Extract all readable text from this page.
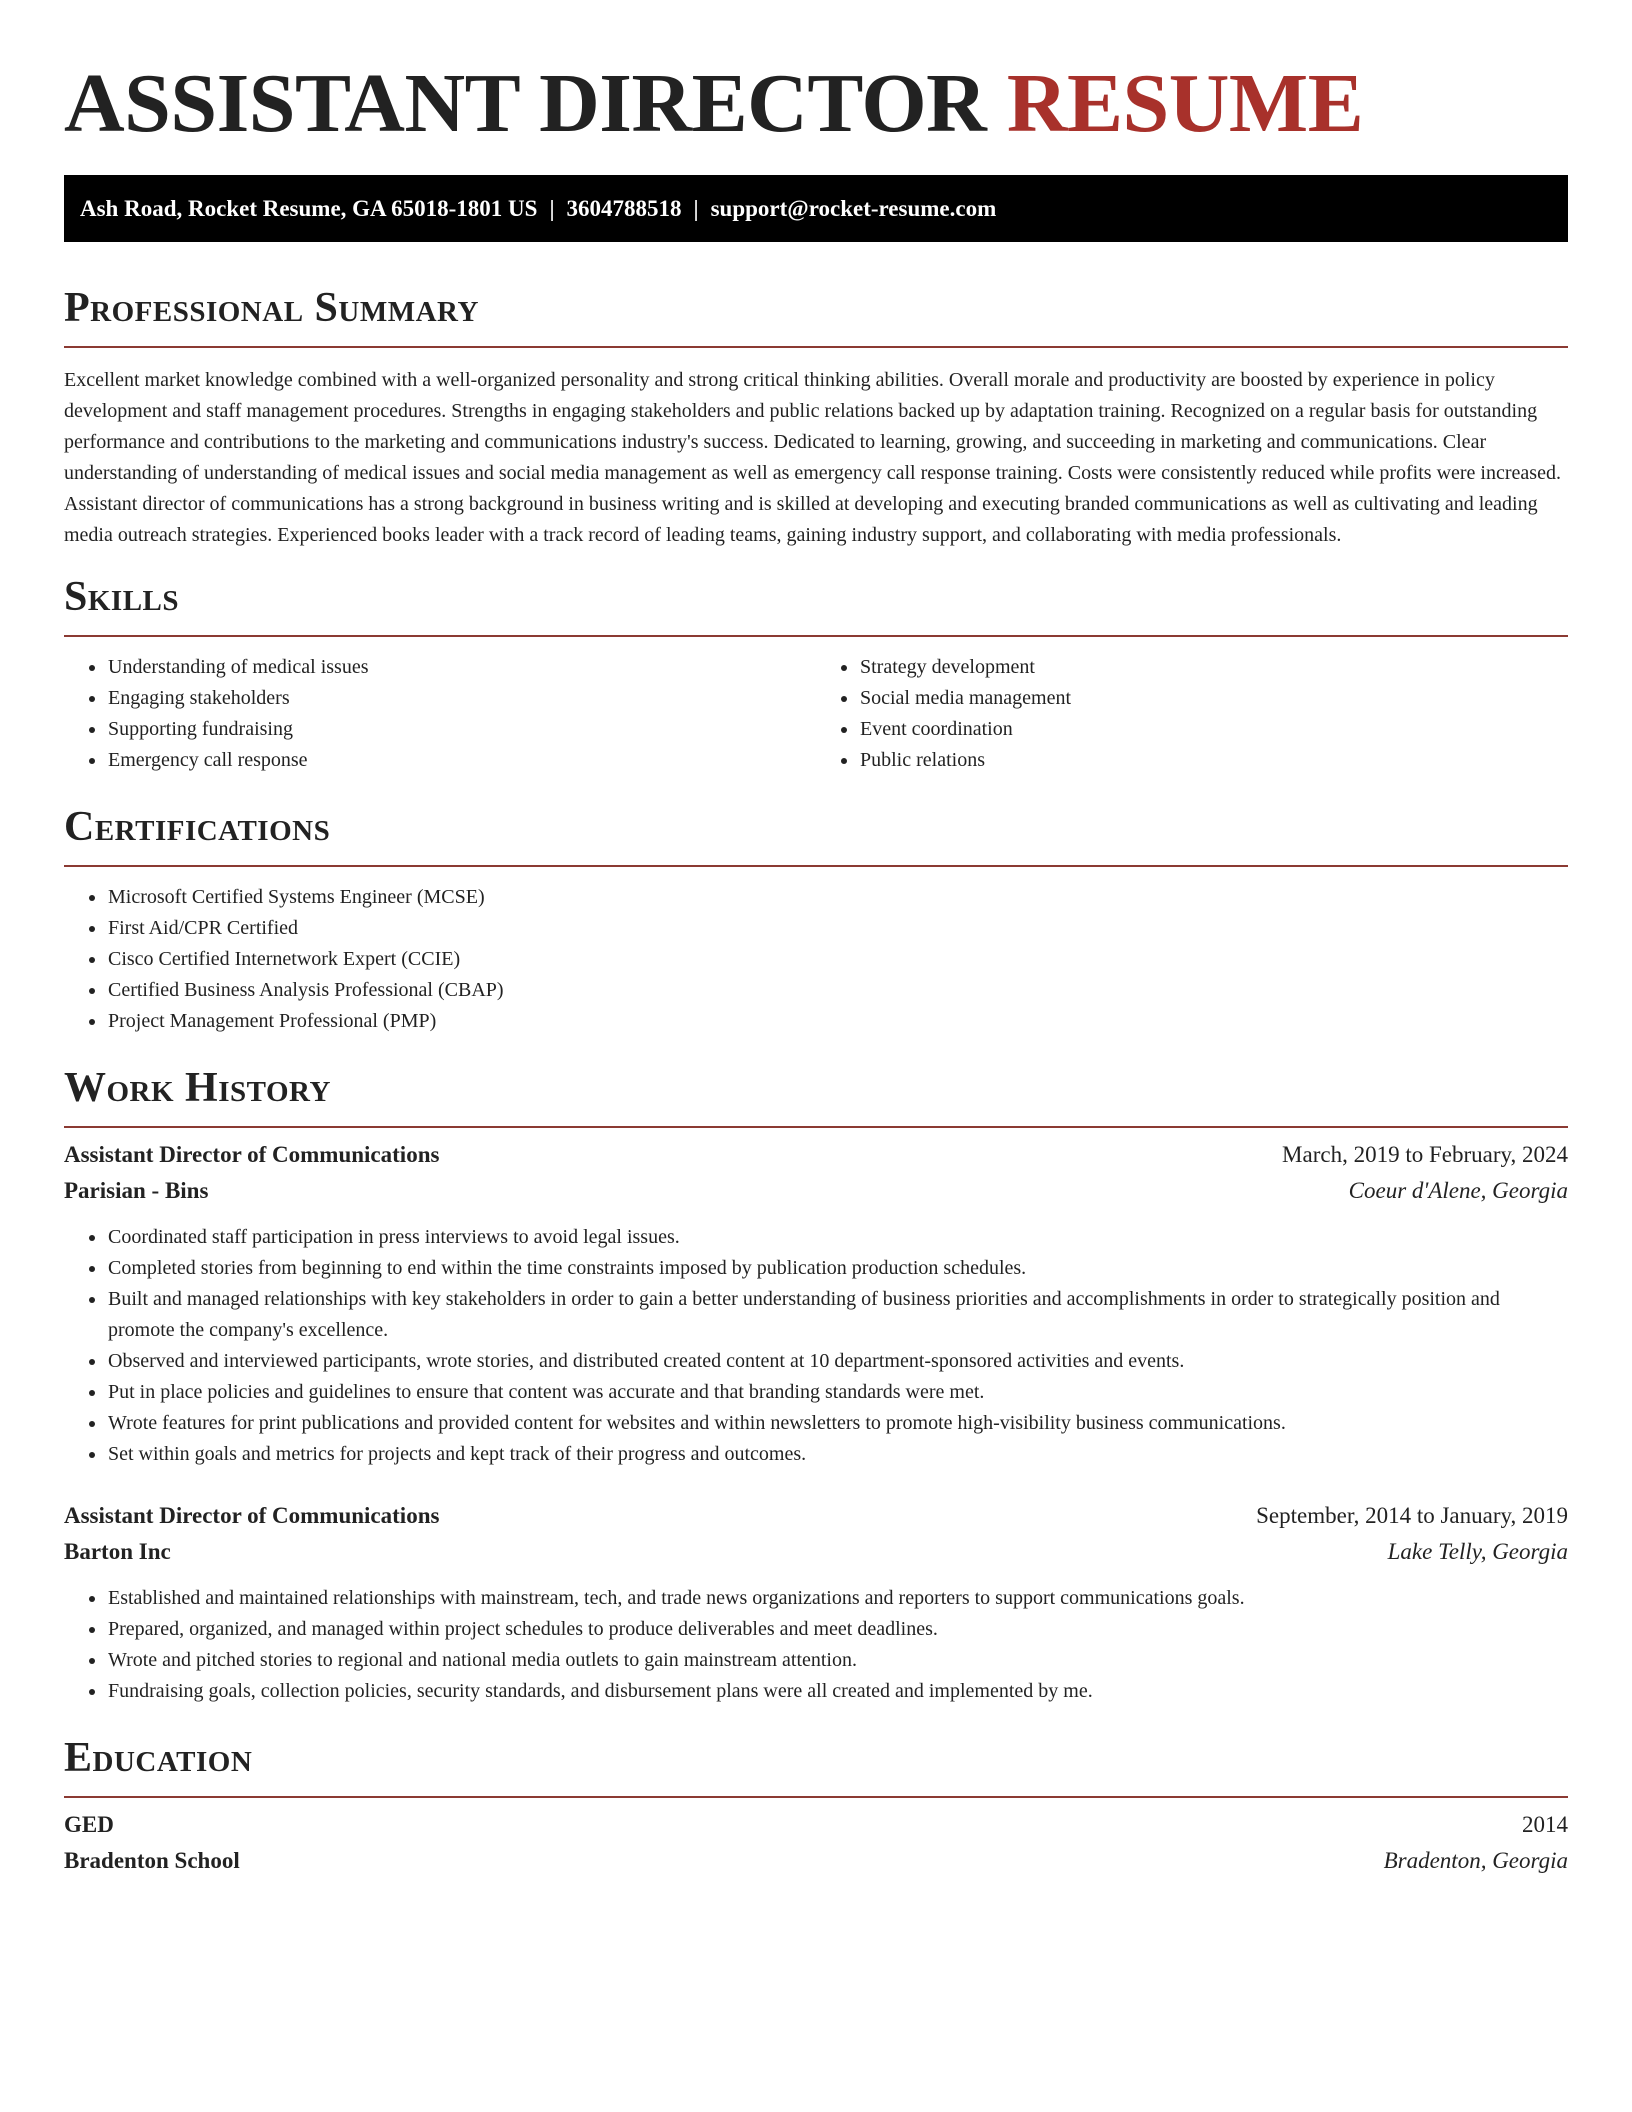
ASSISTANT DIRECTOR RESUME
Ash Road, Rocket Resume, GA 65018-1801 US | 3604788518 | support@rocket-resume.com
Professional Summary

Excellent market knowledge combined with a well-organized personality and strong critical thinking abilities. Overall morale and productivity are boosted by experience in policy development and staff management procedures. Strengths in engaging stakeholders and public relations backed up by adaptation training. Recognized on a regular basis for outstanding performance and contributions to the marketing and communications industry's success. Dedicated to learning, growing, and succeeding in marketing and communications. Clear understanding of understanding of medical issues and social media management as well as emergency call response training. Costs were consistently reduced while profits were increased. Assistant director of communications has a strong background in business writing and is skilled at developing and executing branded communications as well as cultivating and leading media outreach strategies. Experienced books leader with a track record of leading teams, gaining industry support, and collaborating with media professionals.

Skills
• Understanding of medical issues
• Engaging stakeholders
• Supporting fundraising
• Emergency call response
• Strategy development
• Social media management
• Event coordination
• Public relations
Certifications
• Microsoft Certified Systems Engineer (MCSE)
• First Aid/CPR Certified
• Cisco Certified Internetwork Expert (CCIE)
• Certified Business Analysis Professional (CBAP)
• Project Management Professional (PMP)
Work History
Assistant Director of Communications	March, 2019 to February, 2024
Parisian - Bins	Coeur d'Alene, Georgia
• Coordinated staff participation in press interviews to avoid legal issues.
• Completed stories from beginning to end within the time constraints imposed by publication production schedules.
• Built and managed relationships with key stakeholders in order to gain a better understanding of business priorities and accomplishments in order to strategically position and promote the company's excellence.
• Observed and interviewed participants, wrote stories, and distributed created content at 10 department-sponsored activities and events.
• Put in place policies and guidelines to ensure that content was accurate and that branding standards were met.
• Wrote features for print publications and provided content for websites and within newsletters to promote high-visibility business communications.
• Set within goals and metrics for projects and kept track of their progress and outcomes.
Assistant Director of Communications	September, 2014 to January, 2019
Barton Inc	Lake Telly, Georgia
• Established and maintained relationships with mainstream, tech, and trade news organizations and reporters to support communications goals.
• Prepared, organized, and managed within project schedules to produce deliverables and meet deadlines.
• Wrote and pitched stories to regional and national media outlets to gain mainstream attention.
• Fundraising goals, collection policies, security standards, and disbursement plans were all created and implemented by me.
Education
GED	2014
Bradenton School	Bradenton, Georgia
